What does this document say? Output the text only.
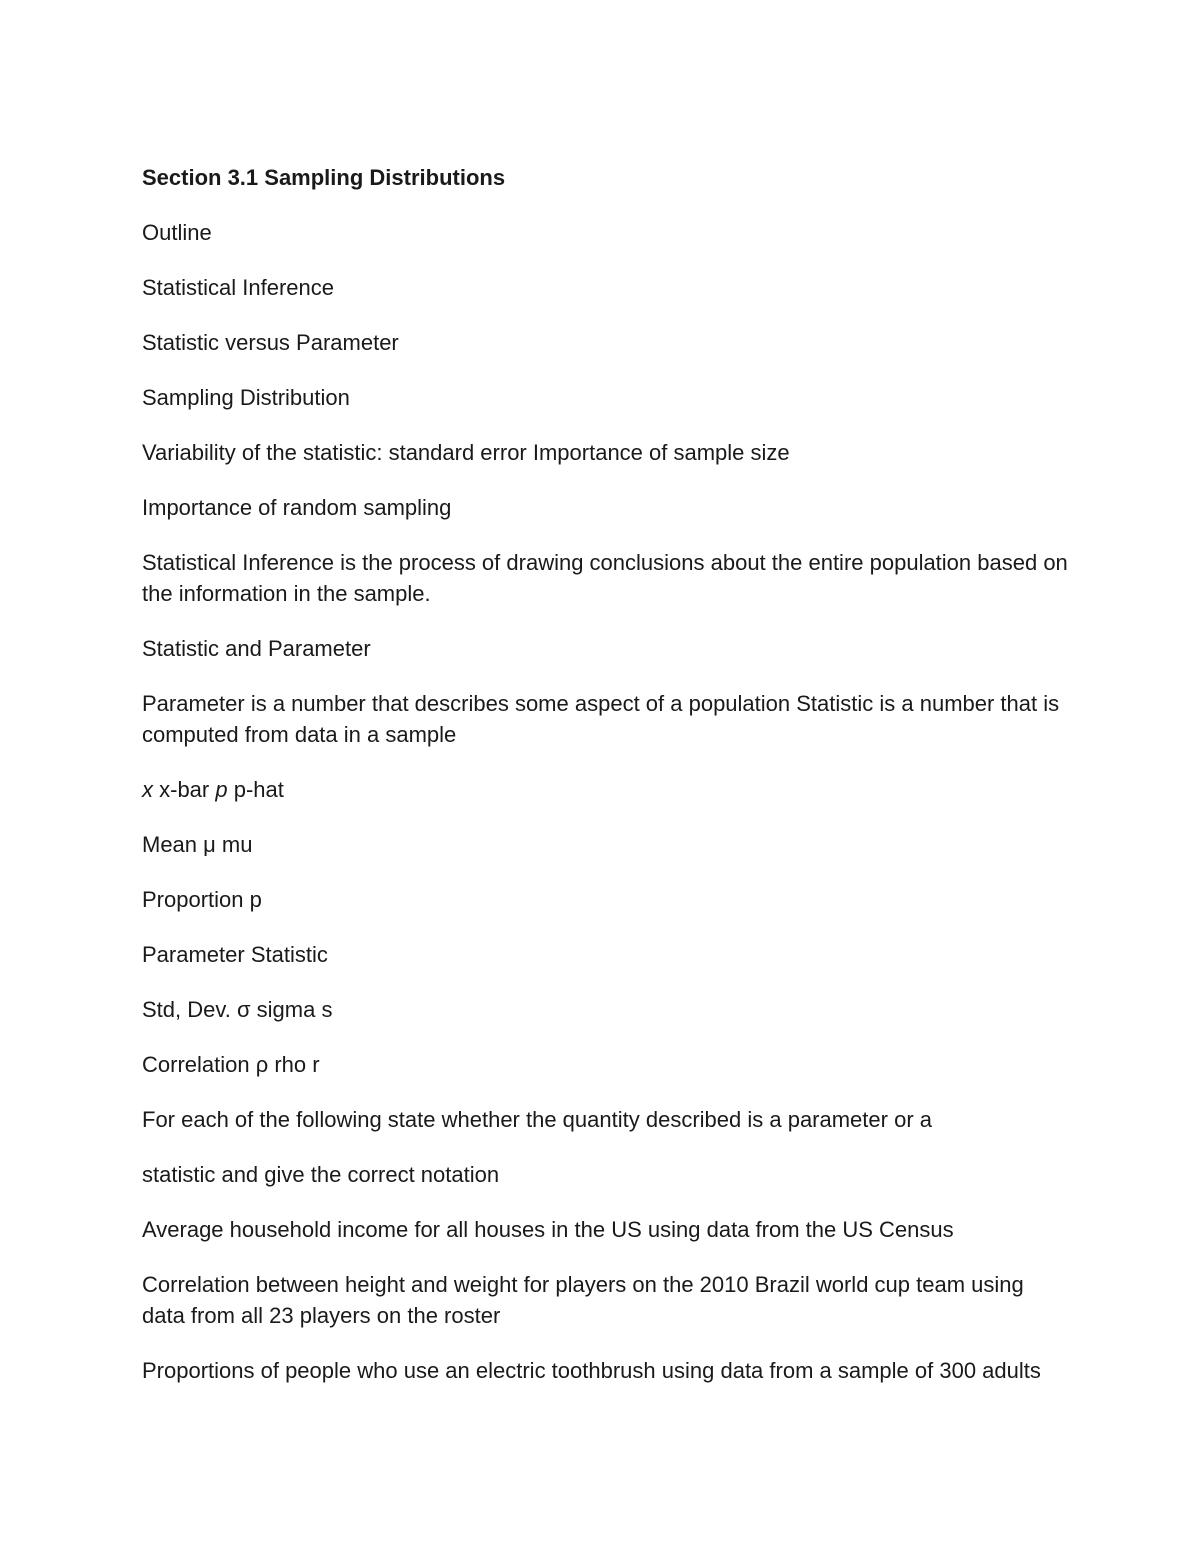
Section 3.1 Sampling Distributions
Outline
Statistical Inference
Statistic versus Parameter
Sampling Distribution
Variability of the statistic: standard error Importance of sample size
Importance of random sampling
Statistical Inference is the process of drawing conclusions about the entire population based on the information in the sample.
Statistic and Parameter
Parameter is a number that describes some aspect of a population Statistic is a number that is computed from data in a sample
x x-bar p p-hat
Mean μ mu
Proportion p
Parameter Statistic
Std, Dev. σ sigma s
Correlation ρ rho r
For each of the following state whether the quantity described is a parameter or a
statistic and give the correct notation
Average household income for all houses in the US using data from the US Census
Correlation between height and weight for players on the 2010 Brazil world cup team using data from all 23 players on the roster
Proportions of people who use an electric toothbrush using data from a sample of 300 adults
